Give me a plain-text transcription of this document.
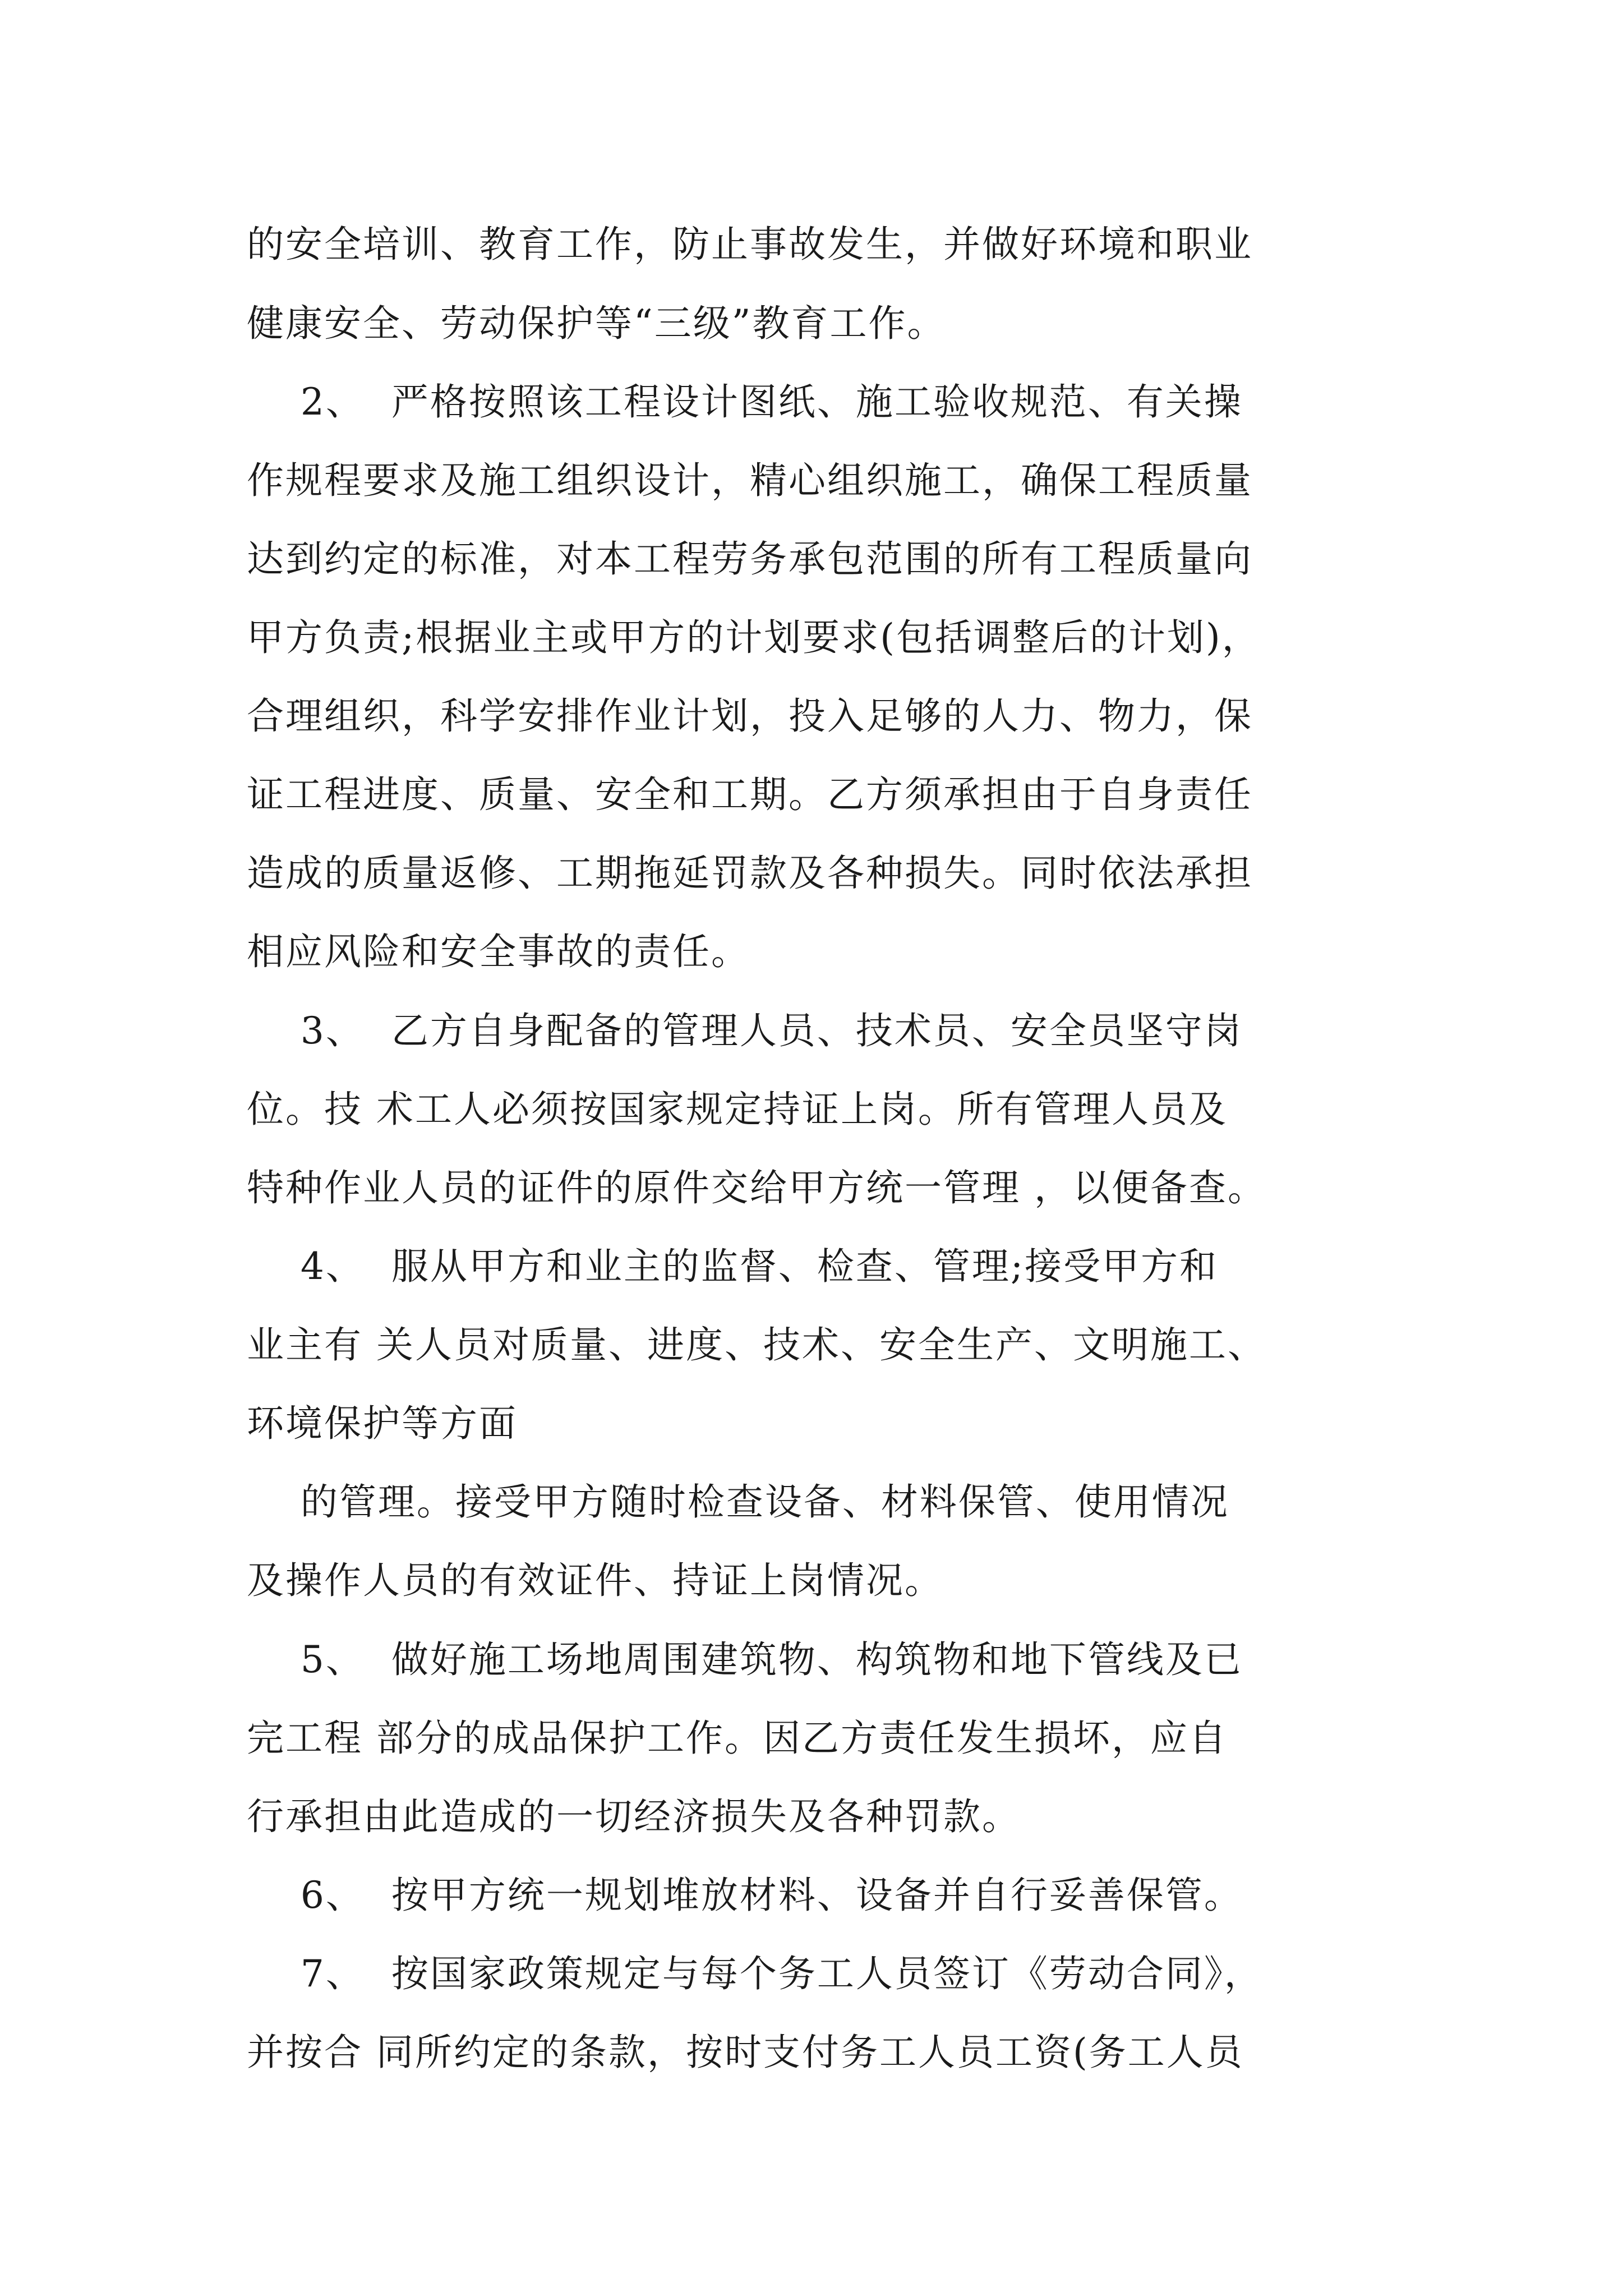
的安全培训、教育工作，防止事故发生，并做好环境和职业
健康安全、劳动保护等“三级”教育工作。
2、  严格按照该工程设计图纸、施工验收规范、有关操
作规程要求及施工组织设计，精心组织施工，确保工程质量
达到约定的标准，对本工程劳务承包范围的所有工程质量向
甲方负责;根据业主或甲方的计划要求(包括调整后的计划)，
合理组织，科学安排作业计划，投入足够的人力、物力，保
证工程进度、质量、安全和工期。乙方须承担由于自身责任
造成的质量返修、工期拖延罚款及各种损失。同时依法承担
相应风险和安全事故的责任。
3、  乙方自身配备的管理人员、技术员、安全员坚守岗
位。技 术工人必须按国家规定持证上岗。所有管理人员及
特种作业人员的证件的原件交给甲方统一管理 ，以便备查。
4、  服从甲方和业主的监督、检查、管理;接受甲方和
业主有 关人员对质量、进度、技术、安全生产、文明施工、
环境保护等方面
的管理。接受甲方随时检查设备、材料保管、使用情况
及操作人员的有效证件、持证上岗情况。
5、  做好施工场地周围建筑物、构筑物和地下管线及已
完工程 部分的成品保护工作。因乙方责任发生损坏，应自
行承担由此造成的一切经济损失及各种罚款。
6、  按甲方统一规划堆放材料、设备并自行妥善保管。
7、  按国家政策规定与每个务工人员签订《劳动合同》，
并按合 同所约定的条款，按时支付务工人员工资(务工人员
